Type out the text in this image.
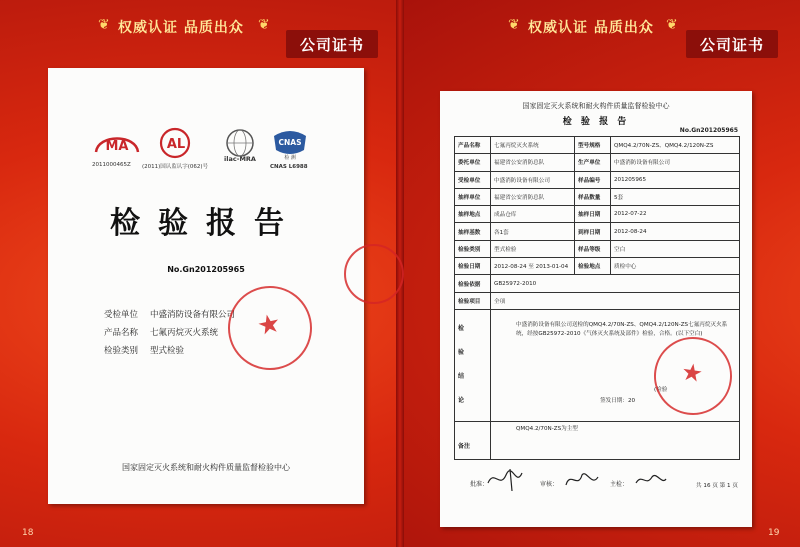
❦ 权威认证 品质出众 ❦
公司证书
❦ 权威认证 品质出众 ❦
公司证书
18	19
MA
2011000465Z
AL
(2011)国认监认字(062)号
ilac-MRA
CNAS
检 测
CNAS L6988
检验报告
No.Gn201205965
受检单位 中盛消防设备有限公司
产品名称 七氟丙烷灭火系统
检验类别 型式检验
★
国家固定灭火系统和耐火构件质量监督检验中心
国家固定灭火系统和耐火构件质量监督检验中心
检 验 报 告
No.Gn201205965
产品名称	七氟丙烷灭火系统	型号规格	QMQ4.2/70N-ZS、QMQ4.2/120N-ZS
委托单位	福建省公安消防总队	生产单位	中盛消防设备有限公司
受检单位	中盛消防设备有限公司	样品编号	201205965
抽样单位	福建省公安消防总队	样品数量	5套
抽样地点	成品仓库	抽样日期	2012-07-22
抽样基数	各1套	到样日期	2012-08-24
检验类别	型式检验	样品等级	空白
检验日期	2012-08-24 至 2013-01-04	检验地点	质检中心
检验依据	GB25972-2010		
检验项目	全项		

检
验
结
论
中盛消防设备有限公司送检的QMQ4.2/70N-ZS、QMQ4.2/120N-ZS七氟丙烷灭火系统，经按GB25972-2010《气体灭火系统及部件》检验，合格。(以下空白)
(检验
签发日期：20
★
备注
QMQ4.2/70N-ZS为主型
批准：	审核：	主检：	共 16 页 第 1 页
